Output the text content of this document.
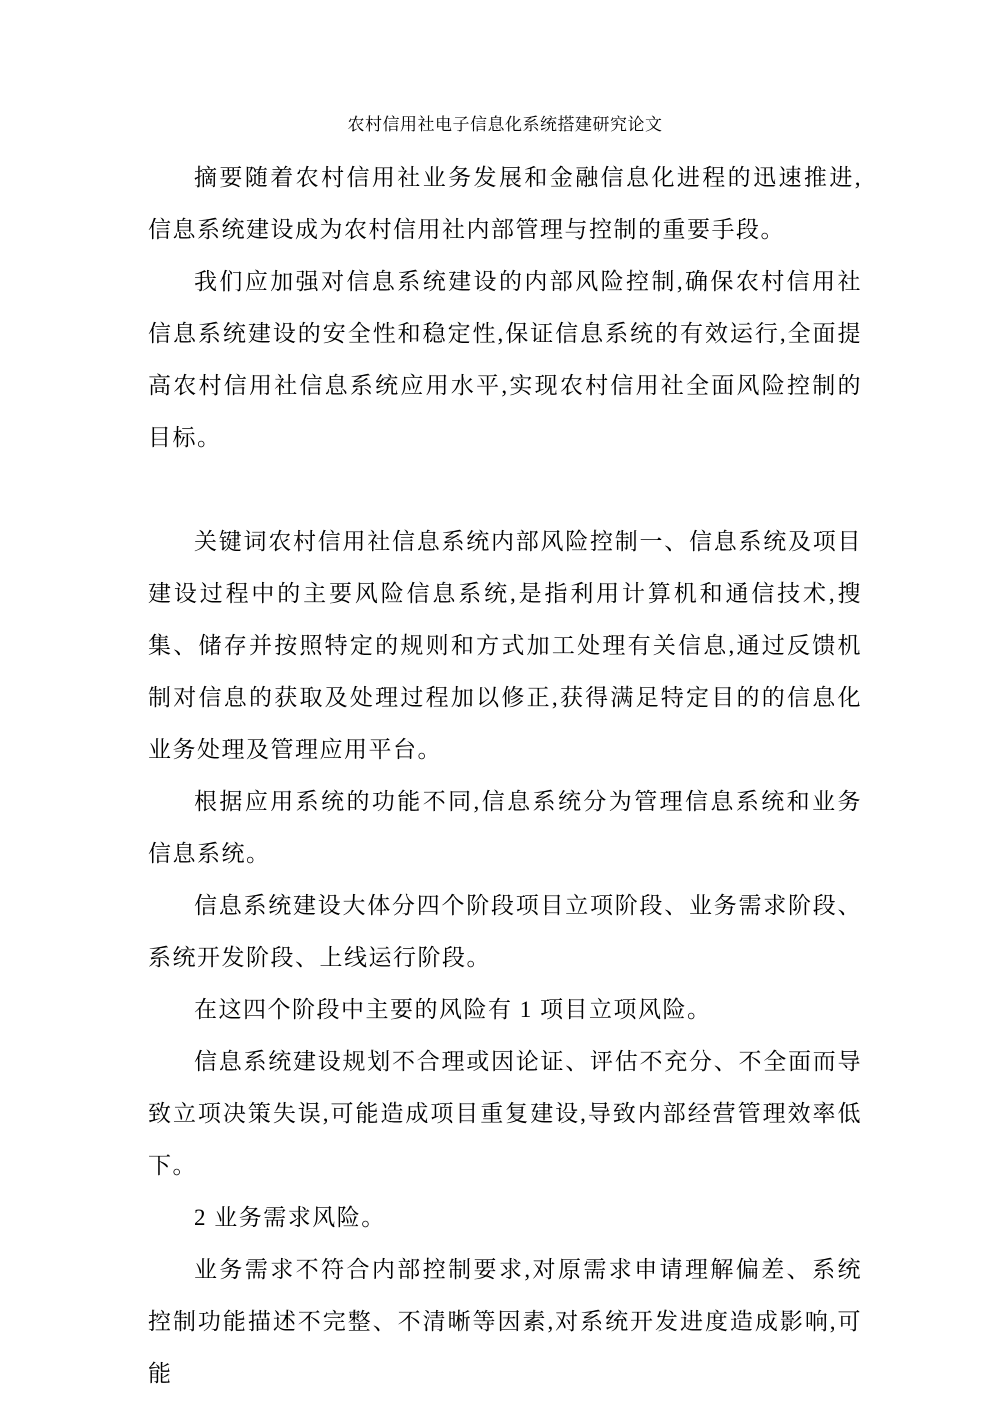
农村信用社电子信息化系统搭建研究论文

摘要随着农村信用社业务发展和金融信息化进程的迅速推进,信息系统建设成为农村信用社内部管理与控制的重要手段。

我们应加强对信息系统建设的内部风险控制,确保农村信用社信息系统建设的安全性和稳定性,保证信息系统的有效运行,全面提高农村信用社信息系统应用水平,实现农村信用社全面风险控制的目标。

关键词农村信用社信息系统内部风险控制一、信息系统及项目建设过程中的主要风险信息系统,是指利用计算机和通信技术,搜集、储存并按照特定的规则和方式加工处理有关信息,通过反馈机制对信息的获取及处理过程加以修正,获得满足特定目的的信息化业务处理及管理应用平台。

根据应用系统的功能不同,信息系统分为管理信息系统和业务信息系统。

信息系统建设大体分四个阶段项目立项阶段、业务需求阶段、系统开发阶段、上线运行阶段。

在这四个阶段中主要的风险有 1 项目立项风险。

信息系统建设规划不合理或因论证、评估不充分、不全面而导致立项决策失误,可能造成项目重复建设,导致内部经营管理效率低下。

2 业务需求风险。

业务需求不符合内部控制要求,对原需求申请理解偏差、系统控制功能描述不完整、不清晰等因素,对系统开发进度造成影响,可能
